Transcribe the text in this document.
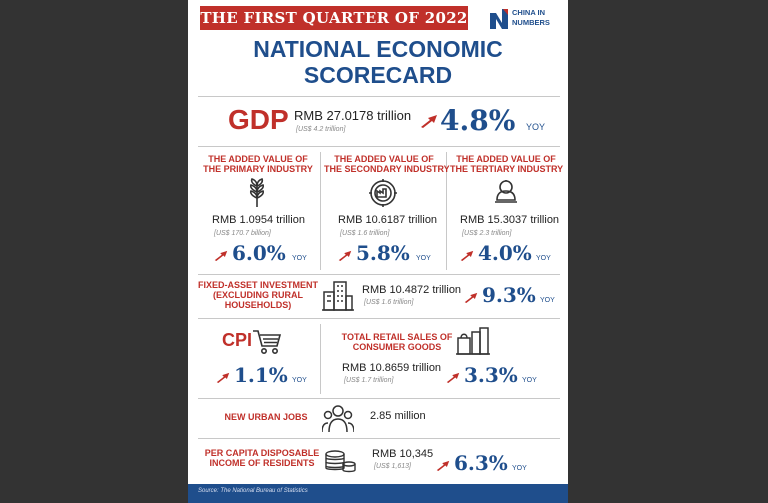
THE FIRST QUARTER OF 2022	CHINA IN
NUMBERS
NATIONAL ECONOMIC
SCORECARD
GDP RMB 27.0178 trillion
[US$ 4.2 trillion]	4.8% YOY
THE ADDED VALUE OF
THE PRIMARY INDUSTRY
RMB 1.0954 trillion
[US$ 170.7 billion]
6.0% YOY
THE ADDED VALUE OF
THE SECONDARY INDUSTRY
RMB 10.6187 trillion
[US$ 1.6 trillion]
5.8% YOY
THE ADDED VALUE OF
THE TERTIARY INDUSTRY
RMB 15.3037 trillion
[US$ 2.3 trillion]
4.0% YOY
FIXED-ASSET INVESTMENT
(EXCLUDING RURAL
HOUSEHOLDS)
RMB 10.4872 trillion
[US$ 1.6 trillion]	9.3% YOY
CPI
1.1% YOY
TOTAL RETAIL SALES OF
CONSUMER GOODS
RMB 10.8659 trillion
[US$ 1.7 trillion]	3.3% YOY
NEW URBAN JOBS	2.85 million
PER CAPITA DISPOSABLE
INCOME OF RESIDENTS
RMB 10,345
[US$ 1,613] 6.3% YOY
Source: The National Bureau of Statistics
